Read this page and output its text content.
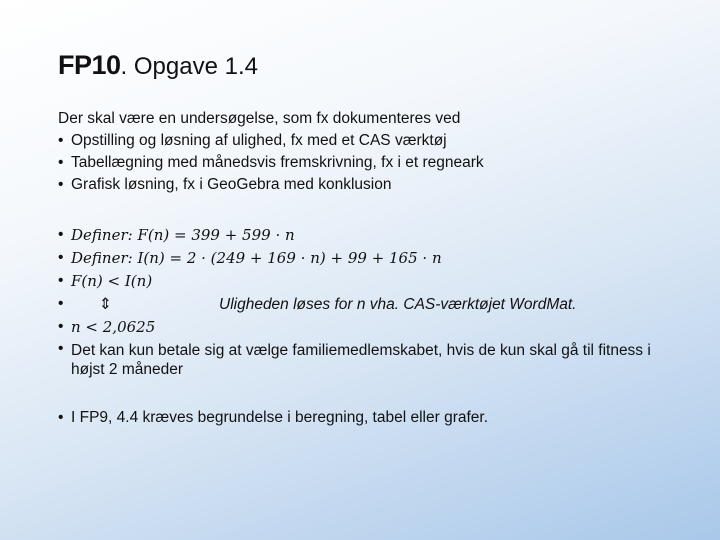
FP10. Opgave 1.4
Der skal være en undersøgelse, som fx dokumenteres ved
• Opstilling og løsning af ulighed, fx med et CAS værktøj
• Tabellægning med månedsvis fremskrivning, fx i et regneark
• Grafisk løsning, fx i GeoGebra med konklusion
• Definer: F(n) = 399 + 599 · n
• Definer: I(n) = 2 · (249 + 169 · n) + 99 + 165 · n
• F(n) < I(n)
• ⇕	Uligheden løses for n vha. CAS-værktøjet WordMat.
• n < 2,0625
• Det kan kun betale sig at vælge familiemedlemskabet, hvis de kun skal gå til fitness i højst 2 måneder
• I FP9, 4.4 kræves begrundelse i beregning, tabel eller grafer.
